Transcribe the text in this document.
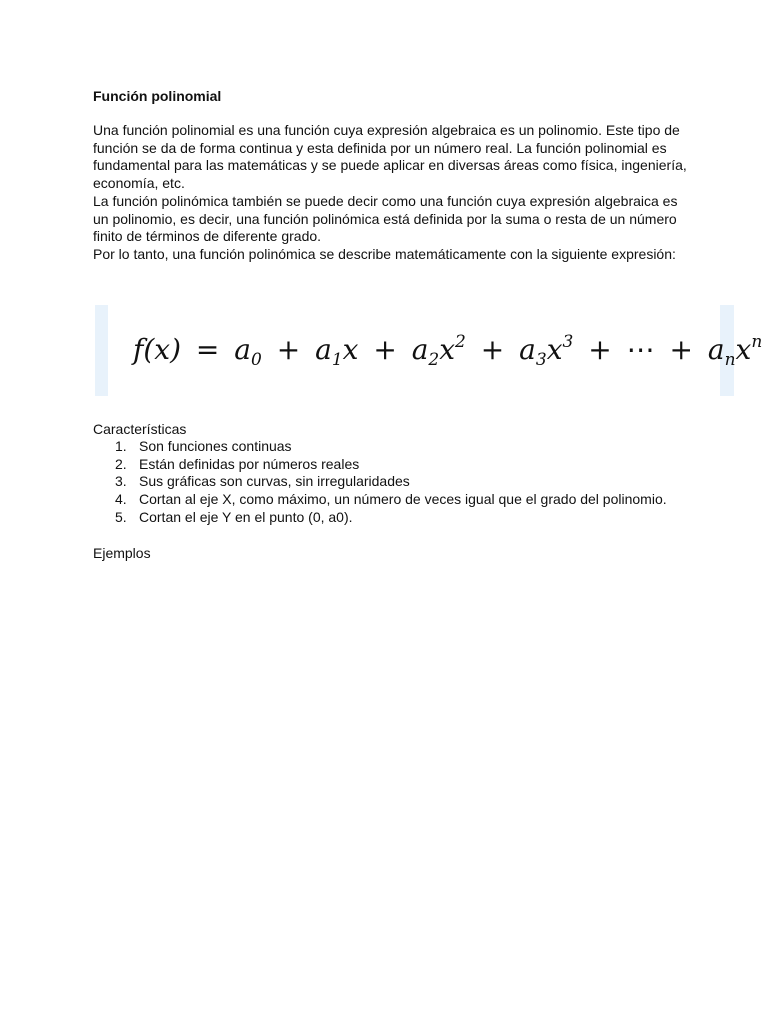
Función polinomial

Una función polinomial es una función cuya expresión algebraica es un polinomio. Este tipo de función se da de forma continua y esta definida por un número real. La función polinomial es fundamental para las matemáticas y se puede aplicar en diversas áreas como física, ingeniería, economía, etc.

La función polinómica también se puede decir como una función cuya expresión algebraica es un polinomio, es decir, una función polinómica está definida por la suma o resta de un número finito de términos de diferente grado.

Por lo tanto, una función polinómica se describe matemáticamente con la siguiente expresión:

$f(x) = a_0 + a_1x + a_2x^2 + a_3x^3$ + ⋯ + $a_nx^n$
Características
1. Son funciones continuas
2. Están definidas por números reales
3. Sus gráficas son curvas, sin irregularidades
4. Cortan al eje X, como máximo, un número de veces igual que el grado del polinomio.
5. Cortan el eje Y en el punto (0, a0).
Ejemplos
